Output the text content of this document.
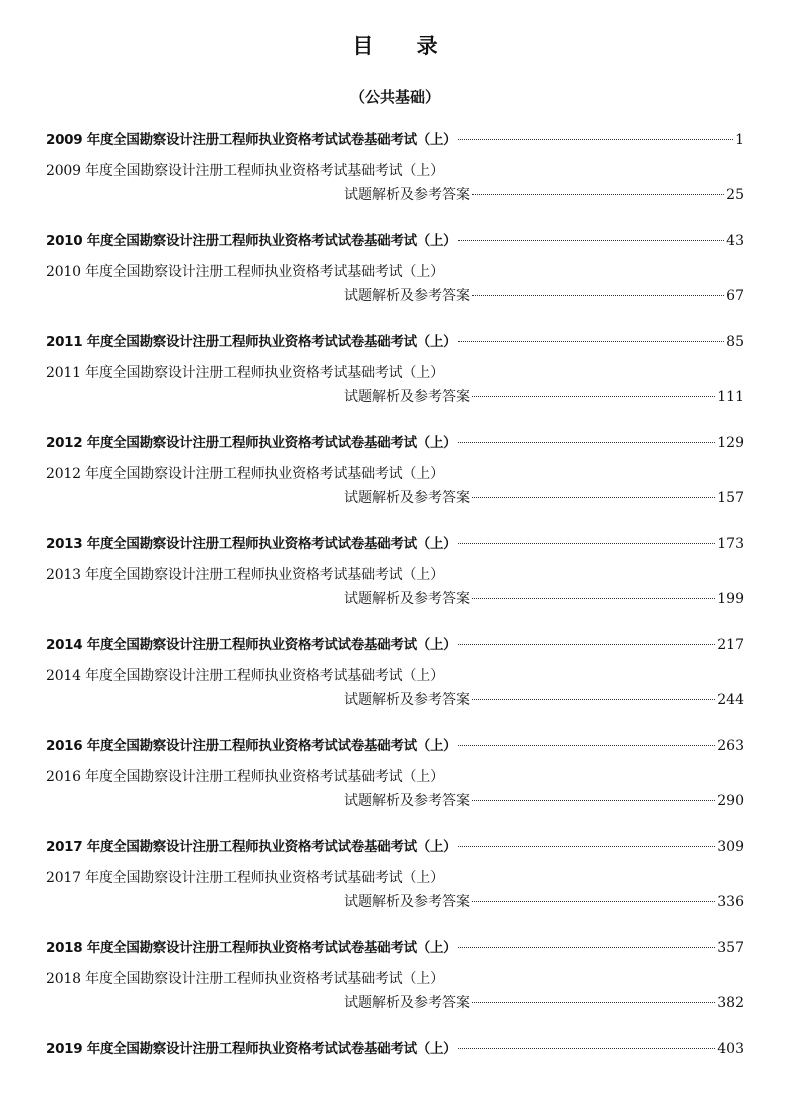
目 录
（公共基础）
2009 年度全国勘察设计注册工程师执业资格考试试卷基础考试（上）	1
2009 年度全国勘察设计注册工程师执业资格考试基础考试（上）
试题解析及参考答案	25
2010 年度全国勘察设计注册工程师执业资格考试试卷基础考试（上）	43
2010 年度全国勘察设计注册工程师执业资格考试基础考试（上）
试题解析及参考答案	67
2011 年度全国勘察设计注册工程师执业资格考试试卷基础考试（上）	85
2011 年度全国勘察设计注册工程师执业资格考试基础考试（上）
试题解析及参考答案	111
2012 年度全国勘察设计注册工程师执业资格考试试卷基础考试（上）	129
2012 年度全国勘察设计注册工程师执业资格考试基础考试（上）
试题解析及参考答案	157
2013 年度全国勘察设计注册工程师执业资格考试试卷基础考试（上）	173
2013 年度全国勘察设计注册工程师执业资格考试基础考试（上）
试题解析及参考答案	199
2014 年度全国勘察设计注册工程师执业资格考试试卷基础考试（上）	217
2014 年度全国勘察设计注册工程师执业资格考试基础考试（上）
试题解析及参考答案	244
2016 年度全国勘察设计注册工程师执业资格考试试卷基础考试（上）	263
2016 年度全国勘察设计注册工程师执业资格考试基础考试（上）
试题解析及参考答案	290
2017 年度全国勘察设计注册工程师执业资格考试试卷基础考试（上）	309
2017 年度全国勘察设计注册工程师执业资格考试基础考试（上）
试题解析及参考答案	336
2018 年度全国勘察设计注册工程师执业资格考试试卷基础考试（上）	357
2018 年度全国勘察设计注册工程师执业资格考试基础考试（上）
试题解析及参考答案	382
2019 年度全国勘察设计注册工程师执业资格考试试卷基础考试（上）	403
